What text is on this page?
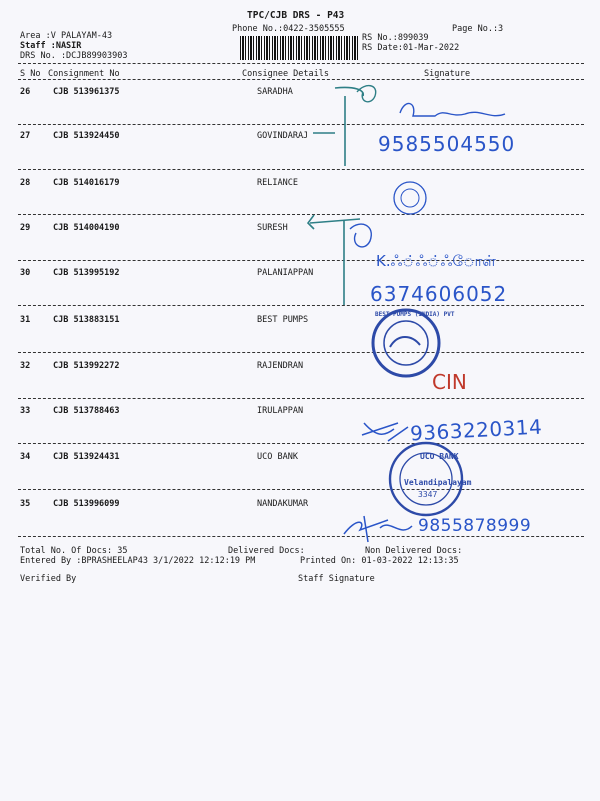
TPC/CJB DRS - P43
Phone No.:0422-3505555	Page No.:3
Area :V PALAYAM-43
Staff :NASIR
DRS No. :DCJB89903903
RS No.:899039
RS Date:01-Mar-2022
S No Consignment No	Consignee Details	Signature
26	CJB 513961375	SARADHA
27	CJB 513924450	GOVINDARAJ
28	CJB 514016179	RELIANCE
29	CJB 514004190	SURESH
30	CJB 513995192	PALANIAPPAN
31	CJB 513883151	BEST PUMPS
32	CJB 513992272	RAJENDRAN
33	CJB 513788463	IRULAPPAN
34	CJB 513924431	UCO BANK
35	CJB 513996099	NANDAKUMAR
9585504550
K.ஃ்ஃ்ஃோள்
6374606052
BEST PUMPS (INDIA) PVT
CIN
9363220314
UCO BANK
Velandipalayam
3347
9855878999
Total No. Of Docs: 35	Delivered Docs:	Non Delivered Docs:
Entered By :BPRASHEELAP43 3/1/2022 12:12:19 PM	Printed On: 01-03-2022 12:13:35
Verified By	Staff Signature
